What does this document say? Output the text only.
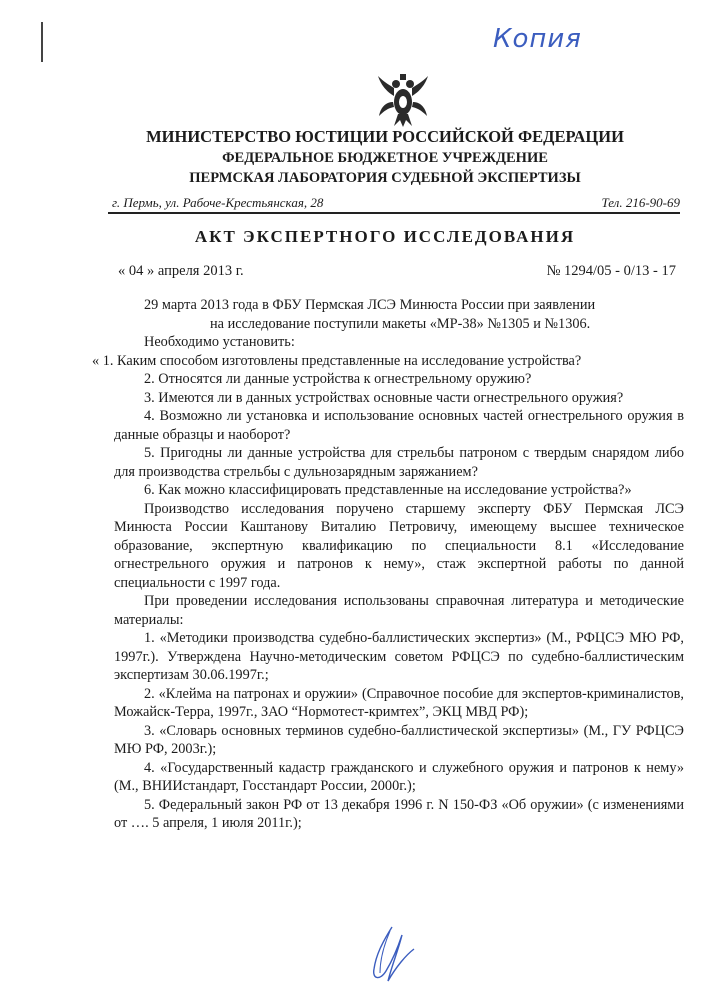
Копия
МИНИСТЕРСТВО ЮСТИЦИИ РОССИЙСКОЙ ФЕДЕРАЦИИ
ФЕДЕРАЛЬНОЕ БЮДЖЕТНОЕ УЧРЕЖДЕНИЕ
ПЕРМСКАЯ ЛАБОРАТОРИЯ СУДЕБНОЙ ЭКСПЕРТИЗЫ
г. Пермь, ул. Рабоче-Крестьянская, 28	Тел. 216-90-69
АКТ ЭКСПЕРТНОГО ИССЛЕДОВАНИЯ
« 04 » апреля 2013 г.	№ 1294/05 - 0/13 - 17

29 марта 2013 года в ФБУ Пермская ЛСЭ Минюста России при заявлении

на исследование поступили макеты «МР-38» №1305 и №1306.

Необходимо установить:

« 1. Каким способом изготовлены представленные на исследование устройства?

2. Относятся ли данные устройства к огнестрельному оружию?

3. Имеются ли в данных устройствах основные части огнестрельного оружия?

4. Возможно ли установка и использование основных частей огнестрельного оружия в данные образцы и наоборот?

5. Пригодны ли данные устройства для стрельбы патроном с твердым снарядом либо для производства стрельбы с дульнозарядным заряжанием?

6. Как можно классифицировать представленные на исследование устройства?»

Производство исследования поручено старшему эксперту ФБУ Пермская ЛСЭ Минюста России Каштанову Виталию Петровичу, имеющему высшее техническое образование, экспертную квалификацию по специальности 8.1 «Исследование огнестрельного оружия и патронов к нему», стаж экспертной работы по данной специальности с 1997 года.

При проведении исследования использованы справочная литература и методические материалы:

1. «Методики производства судебно-баллистических экспертиз» (М., РФЦСЭ МЮ РФ, 1997г.). Утверждена Научно-методическим советом РФЦСЭ по судебно-баллистическим экспертизам 30.06.1997г.;

2. «Клейма на патронах и оружии» (Справочное пособие для экспертов-криминалистов, Можайск-Терра, 1997г., ЗАО “Нормотест-кримтех”, ЭКЦ МВД РФ);

3. «Словарь основных терминов судебно-баллистической экспертизы» (М., ГУ РФЦСЭ МЮ РФ, 2003г.);

4. «Государственный кадастр гражданского и служебного оружия и патронов к нему» (М., ВНИИстандарт, Госстандарт России, 2000г.);

5. Федеральный закон РФ от 13 декабря 1996 г. N 150-ФЗ «Об оружии» (с изменениями от …. 5 апреля, 1 июля 2011г.);
